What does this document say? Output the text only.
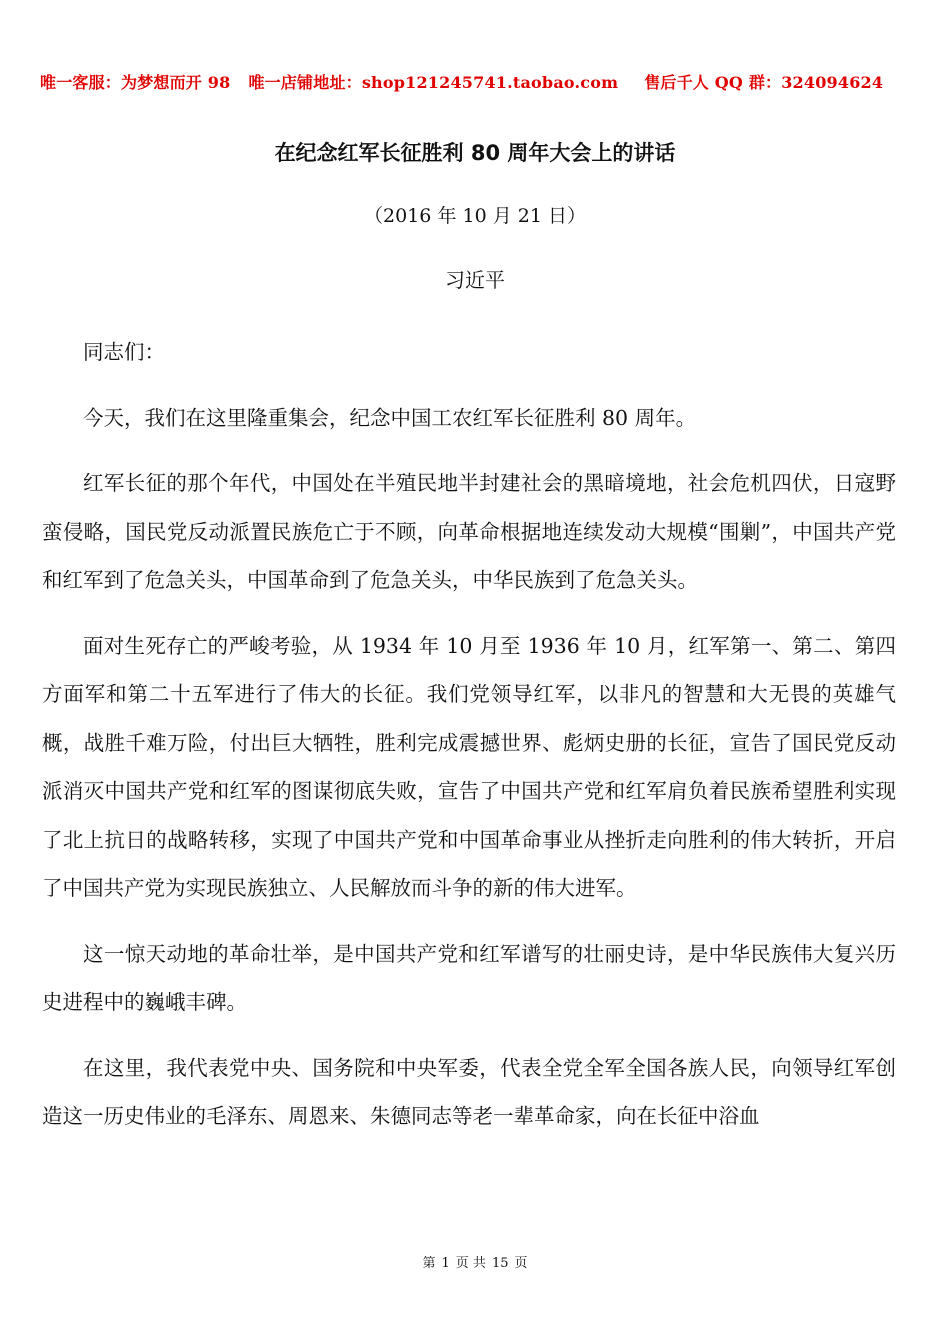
唯一客服：为梦想而开 98 唯一店铺地址：shop121245741.taobao.com 售后千人 QQ 群：324094624
在纪念红军长征胜利 80 周年大会上的讲话
（2016 年 10 月 21 日）
习近平

同志们：

今天，我们在这里隆重集会，纪念中国工农红军长征胜利 80 周年。

红军长征的那个年代，中国处在半殖民地半封建社会的黑暗境地，社会危机四伏，日寇野蛮侵略，国民党反动派置民族危亡于不顾，向革命根据地连续发动大规模“围剿”，中国共产党和红军到了危急关头，中国革命到了危急关头，中华民族到了危急关头。

面对生死存亡的严峻考验，从 1934 年 10 月至 1936 年 10 月，红军第一、第二、第四方面军和第二十五军进行了伟大的长征。我们党领导红军，以非凡的智慧和大无畏的英雄气概，战胜千难万险，付出巨大牺牲，胜利完成震撼世界、彪炳史册的长征，宣告了国民党反动派消灭中国共产党和红军的图谋彻底失败，宣告了中国共产党和红军肩负着民族希望胜利实现了北上抗日的战略转移，实现了中国共产党和中国革命事业从挫折走向胜利的伟大转折，开启了中国共产党为实现民族独立、人民解放而斗争的新的伟大进军。

这一惊天动地的革命壮举，是中国共产党和红军谱写的壮丽史诗，是中华民族伟大复兴历史进程中的巍峨丰碑。

在这里，我代表党中央、国务院和中央军委，代表全党全军全国各族人民，向领导红军创造这一历史伟业的毛泽东、周恩来、朱德同志等老一辈革命家，向在长征中浴血

第 1 页 共 15 页
